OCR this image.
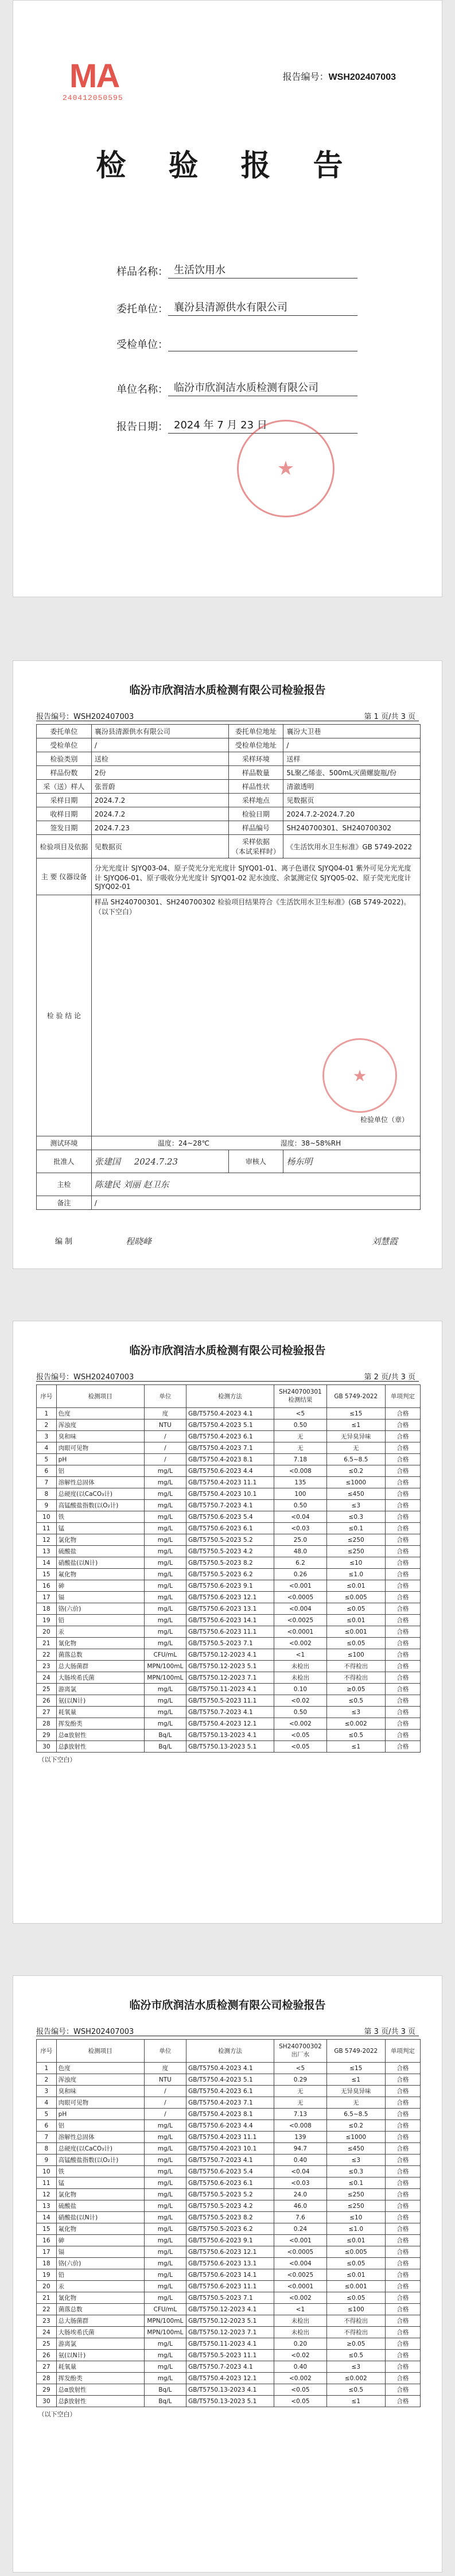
MA
240412050595
报告编号：WSH202407003
检 验 报 告
样品名称： 生活饮用水
委托单位： 襄汾县清源供水有限公司
受检单位：
单位名称： 临汾市欣润洁水质检测有限公司
报告日期： 2024 年 7 月 23 日
★
临汾市欣润洁水质检测有限公司检验报告
报告编号：WSH202407003	第 1 页/共 3 页
委托单位	襄汾县清源供水有限公司	委托单位地址	襄汾大卫巷
受检单位	/	受检单位地址	/
检验类别	送检	采样环境	送样
样品份数	2份	样品数量	5L聚乙烯壶、500mL灭菌螺旋瓶/份
采（送）样人	张晋蔚	样品性状	清澈透明
采样日期	2024.7.2	采样地点	见数据页
收样日期	2024.7.2	检验日期	2024.7.2-2024.7.20
签发日期	2024.7.23	样品编号	SH240700301、SH240700302
检验项目及依据	见数据页	采样依据
（本试采样时）	《生活饮用水卫生标准》GB 5749-2022
主 要 仪器设备	分光光度计 SJYQ03-04、原子荧光分光光度计 SJYQ01-01、离子色谱仪 SJYQ04-01 紫外可见分光光度计 SJYQ06-01、原子吸收分光光度计 SJYQ01-02 泥水浊度、余氯测定仪 SJYQ05-02、原子荧光光度计 SJYQ02-01		
检 验 结 论	样品 SH240700301、SH240700302 检验项目结果符合《生活饮用水卫生标准》(GB 5749-2022)。
（以下空白）
检验单位（章）
★		

测试环境	温度：24~28℃ 湿度：38~58%RH		
批准人	张建国 2024.7.23	审核人	杨东明
主检	陈建民 刘丽 赵卫东		
备注	/		
编 制	程晓峰	刘慧霞
临汾市欣润洁水质检测有限公司检验报告
报告编号：WSH202407003	第 2 页/共 3 页
序号	检测项目	单位	检测方法	SH240700301
检测结果	GB 5749-2022	单项判定
1	色度	度	GB/T5750.4-2023 4.1	<5	≤15	合格
2	浑浊度	NTU	GB/T5750.4-2023 5.1	0.50	≤1	合格
3	臭和味	/	GB/T5750.4-2023 6.1	无	无异臭异味	合格
4	肉眼可见物	/	GB/T5750.4-2023 7.1	无	无	合格
5	pH	/	GB/T5750.4-2023 8.1	7.18	6.5~8.5	合格
6	铝	mg/L	GB/T5750.6-2023 4.4	<0.008	≤0.2	合格
7	溶解性总固体	mg/L	GB/T5750.4-2023 11.1	135	≤1000	合格
8	总硬度(以CaCO₃计)	mg/L	GB/T5750.4-2023 10.1	100	≤450	合格
9	高锰酸盐指数(以O₂计)	mg/L	GB/T5750.7-2023 4.1	0.50	≤3	合格
10	铁	mg/L	GB/T5750.6-2023 5.4	<0.04	≤0.3	合格
11	锰	mg/L	GB/T5750.6-2023 6.1	<0.03	≤0.1	合格
12	氯化物	mg/L	GB/T5750.5-2023 5.2	25.0	≤250	合格
13	硫酸盐	mg/L	GB/T5750.5-2023 4.2	48.0	≤250	合格
14	硝酸盐(以N计)	mg/L	GB/T5750.5-2023 8.2	6.2	≤10	合格
15	氟化物	mg/L	GB/T5750.5-2023 6.2	0.26	≤1.0	合格
16	砷	mg/L	GB/T5750.6-2023 9.1	<0.001	≤0.01	合格
17	镉	mg/L	GB/T5750.6-2023 12.1	<0.0005	≤0.005	合格
18	铬(六价)	mg/L	GB/T5750.6-2023 13.1	<0.004	≤0.05	合格
19	铅	mg/L	GB/T5750.6-2023 14.1	<0.0025	≤0.01	合格
20	汞	mg/L	GB/T5750.6-2023 11.1	<0.0001	≤0.001	合格
21	氰化物	mg/L	GB/T5750.5-2023 7.1	<0.002	≤0.05	合格
22	菌落总数	CFU/mL	GB/T5750.12-2023 4.1	<1	≤100	合格
23	总大肠菌群	MPN/100mL	GB/T5750.12-2023 5.1	未检出	不得检出	合格
24	大肠埃希氏菌	MPN/100mL	GB/T5750.12-2023 7.1	未检出	不得检出	合格
25	游离氯	mg/L	GB/T5750.11-2023 4.1	0.10	≥0.05	合格
26	氨(以N计)	mg/L	GB/T5750.5-2023 11.1	<0.02	≤0.5	合格
27	耗氧量	mg/L	GB/T5750.7-2023 4.1	0.50	≤3	合格
28	挥发酚类	mg/L	GB/T5750.4-2023 12.1	<0.002	≤0.002	合格
29	总α放射性	Bq/L	GB/T5750.13-2023 4.1	<0.05	≤0.5	合格
30	总β放射性	Bq/L	GB/T5750.13-2023 5.1	<0.05	≤1	合格
（以下空白）						
临汾市欣润洁水质检测有限公司检验报告
报告编号：WSH202407003	第 3 页/共 3 页
序号	检测项目	单位	检测方法	SH240700302
出厂水	GB 5749-2022	单项判定
1	色度	度	GB/T5750.4-2023 4.1	<5	≤15	合格
2	浑浊度	NTU	GB/T5750.4-2023 5.1	0.29	≤1	合格
3	臭和味	/	GB/T5750.4-2023 6.1	无	无异臭异味	合格
4	肉眼可见物	/	GB/T5750.4-2023 7.1	无	无	合格
5	pH	/	GB/T5750.4-2023 8.1	7.13	6.5~8.5	合格
6	铝	mg/L	GB/T5750.6-2023 4.4	<0.008	≤0.2	合格
7	溶解性总固体	mg/L	GB/T5750.4-2023 11.1	139	≤1000	合格
8	总硬度(以CaCO₃计)	mg/L	GB/T5750.4-2023 10.1	94.7	≤450	合格
9	高锰酸盐指数(以O₂计)	mg/L	GB/T5750.7-2023 4.1	0.40	≤3	合格
10	铁	mg/L	GB/T5750.6-2023 5.4	<0.04	≤0.3	合格
11	锰	mg/L	GB/T5750.6-2023 6.1	<0.03	≤0.1	合格
12	氯化物	mg/L	GB/T5750.5-2023 5.2	24.0	≤250	合格
13	硫酸盐	mg/L	GB/T5750.5-2023 4.2	46.0	≤250	合格
14	硝酸盐(以N计)	mg/L	GB/T5750.5-2023 8.2	7.6	≤10	合格
15	氟化物	mg/L	GB/T5750.5-2023 6.2	0.24	≤1.0	合格
16	砷	mg/L	GB/T5750.6-2023 9.1	<0.001	≤0.01	合格
17	镉	mg/L	GB/T5750.6-2023 12.1	<0.0005	≤0.005	合格
18	铬(六价)	mg/L	GB/T5750.6-2023 13.1	<0.004	≤0.05	合格
19	铅	mg/L	GB/T5750.6-2023 14.1	<0.0025	≤0.01	合格
20	汞	mg/L	GB/T5750.6-2023 11.1	<0.0001	≤0.001	合格
21	氰化物	mg/L	GB/T5750.5-2023 7.1	<0.002	≤0.05	合格
22	菌落总数	CFU/mL	GB/T5750.12-2023 4.1	<1	≤100	合格
23	总大肠菌群	MPN/100mL	GB/T5750.12-2023 5.1	未检出	不得检出	合格
24	大肠埃希氏菌	MPN/100mL	GB/T5750.12-2023 7.1	未检出	不得检出	合格
25	游离氯	mg/L	GB/T5750.11-2023 4.1	0.20	≥0.05	合格
26	氨(以N计)	mg/L	GB/T5750.5-2023 11.1	<0.02	≤0.5	合格
27	耗氧量	mg/L	GB/T5750.7-2023 4.1	0.40	≤3	合格
28	挥发酚类	mg/L	GB/T5750.4-2023 12.1	<0.002	≤0.002	合格
29	总α放射性	Bq/L	GB/T5750.13-2023 4.1	<0.05	≤0.5	合格
30	总β放射性	Bq/L	GB/T5750.13-2023 5.1	<0.05	≤1	合格
（以下空白）						
